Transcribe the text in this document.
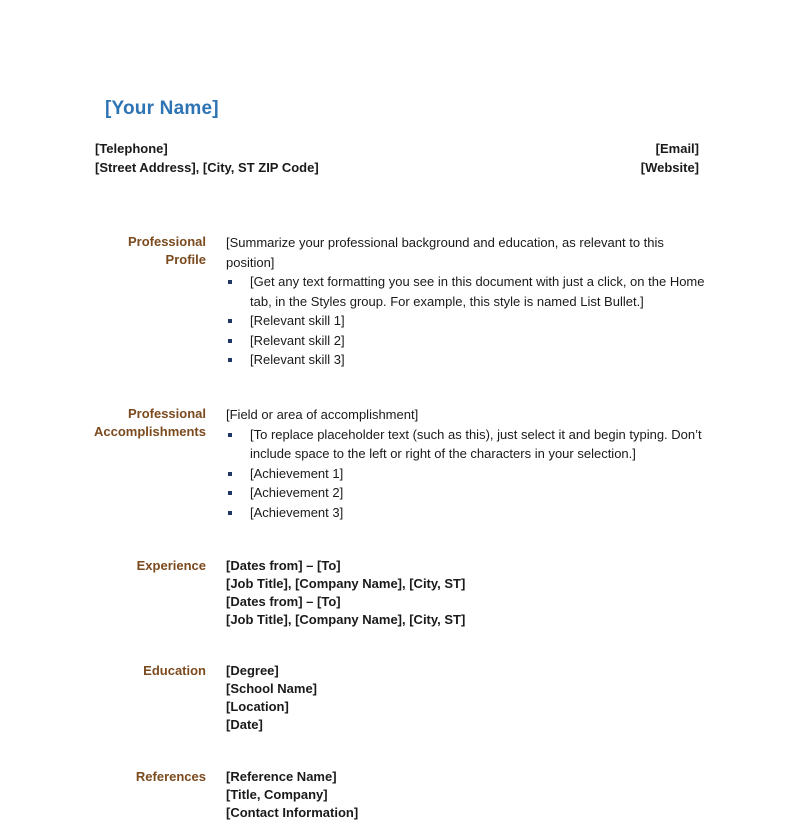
[Your Name]
[Telephone]	[Email]
[Street Address], [City, ST ZIP Code]	[Website]
Professional
Profile

[Summarize your professional background and education, as relevant to this position]

[Get any text formatting you see in this document with just a click, on the Home tab, in the Styles group. For example, this style is named List Bullet.]
[Relevant skill 1]
[Relevant skill 2]
[Relevant skill 3]
Professional
Accomplishments

[Field or area of accomplishment]

[To replace placeholder text (such as this), just select it and begin typing. Don’t include space to the left or right of the characters in your selection.]
[Achievement 1]
[Achievement 2]
[Achievement 3]
Experience [Dates from] – [To]
[Job Title], [Company Name], [City, ST]
[Dates from] – [To]
[Job Title], [Company Name], [City, ST]
Education [Degree]
[School Name]
[Location]
[Date]
References [Reference Name]
[Title, Company]
[Contact Information]
